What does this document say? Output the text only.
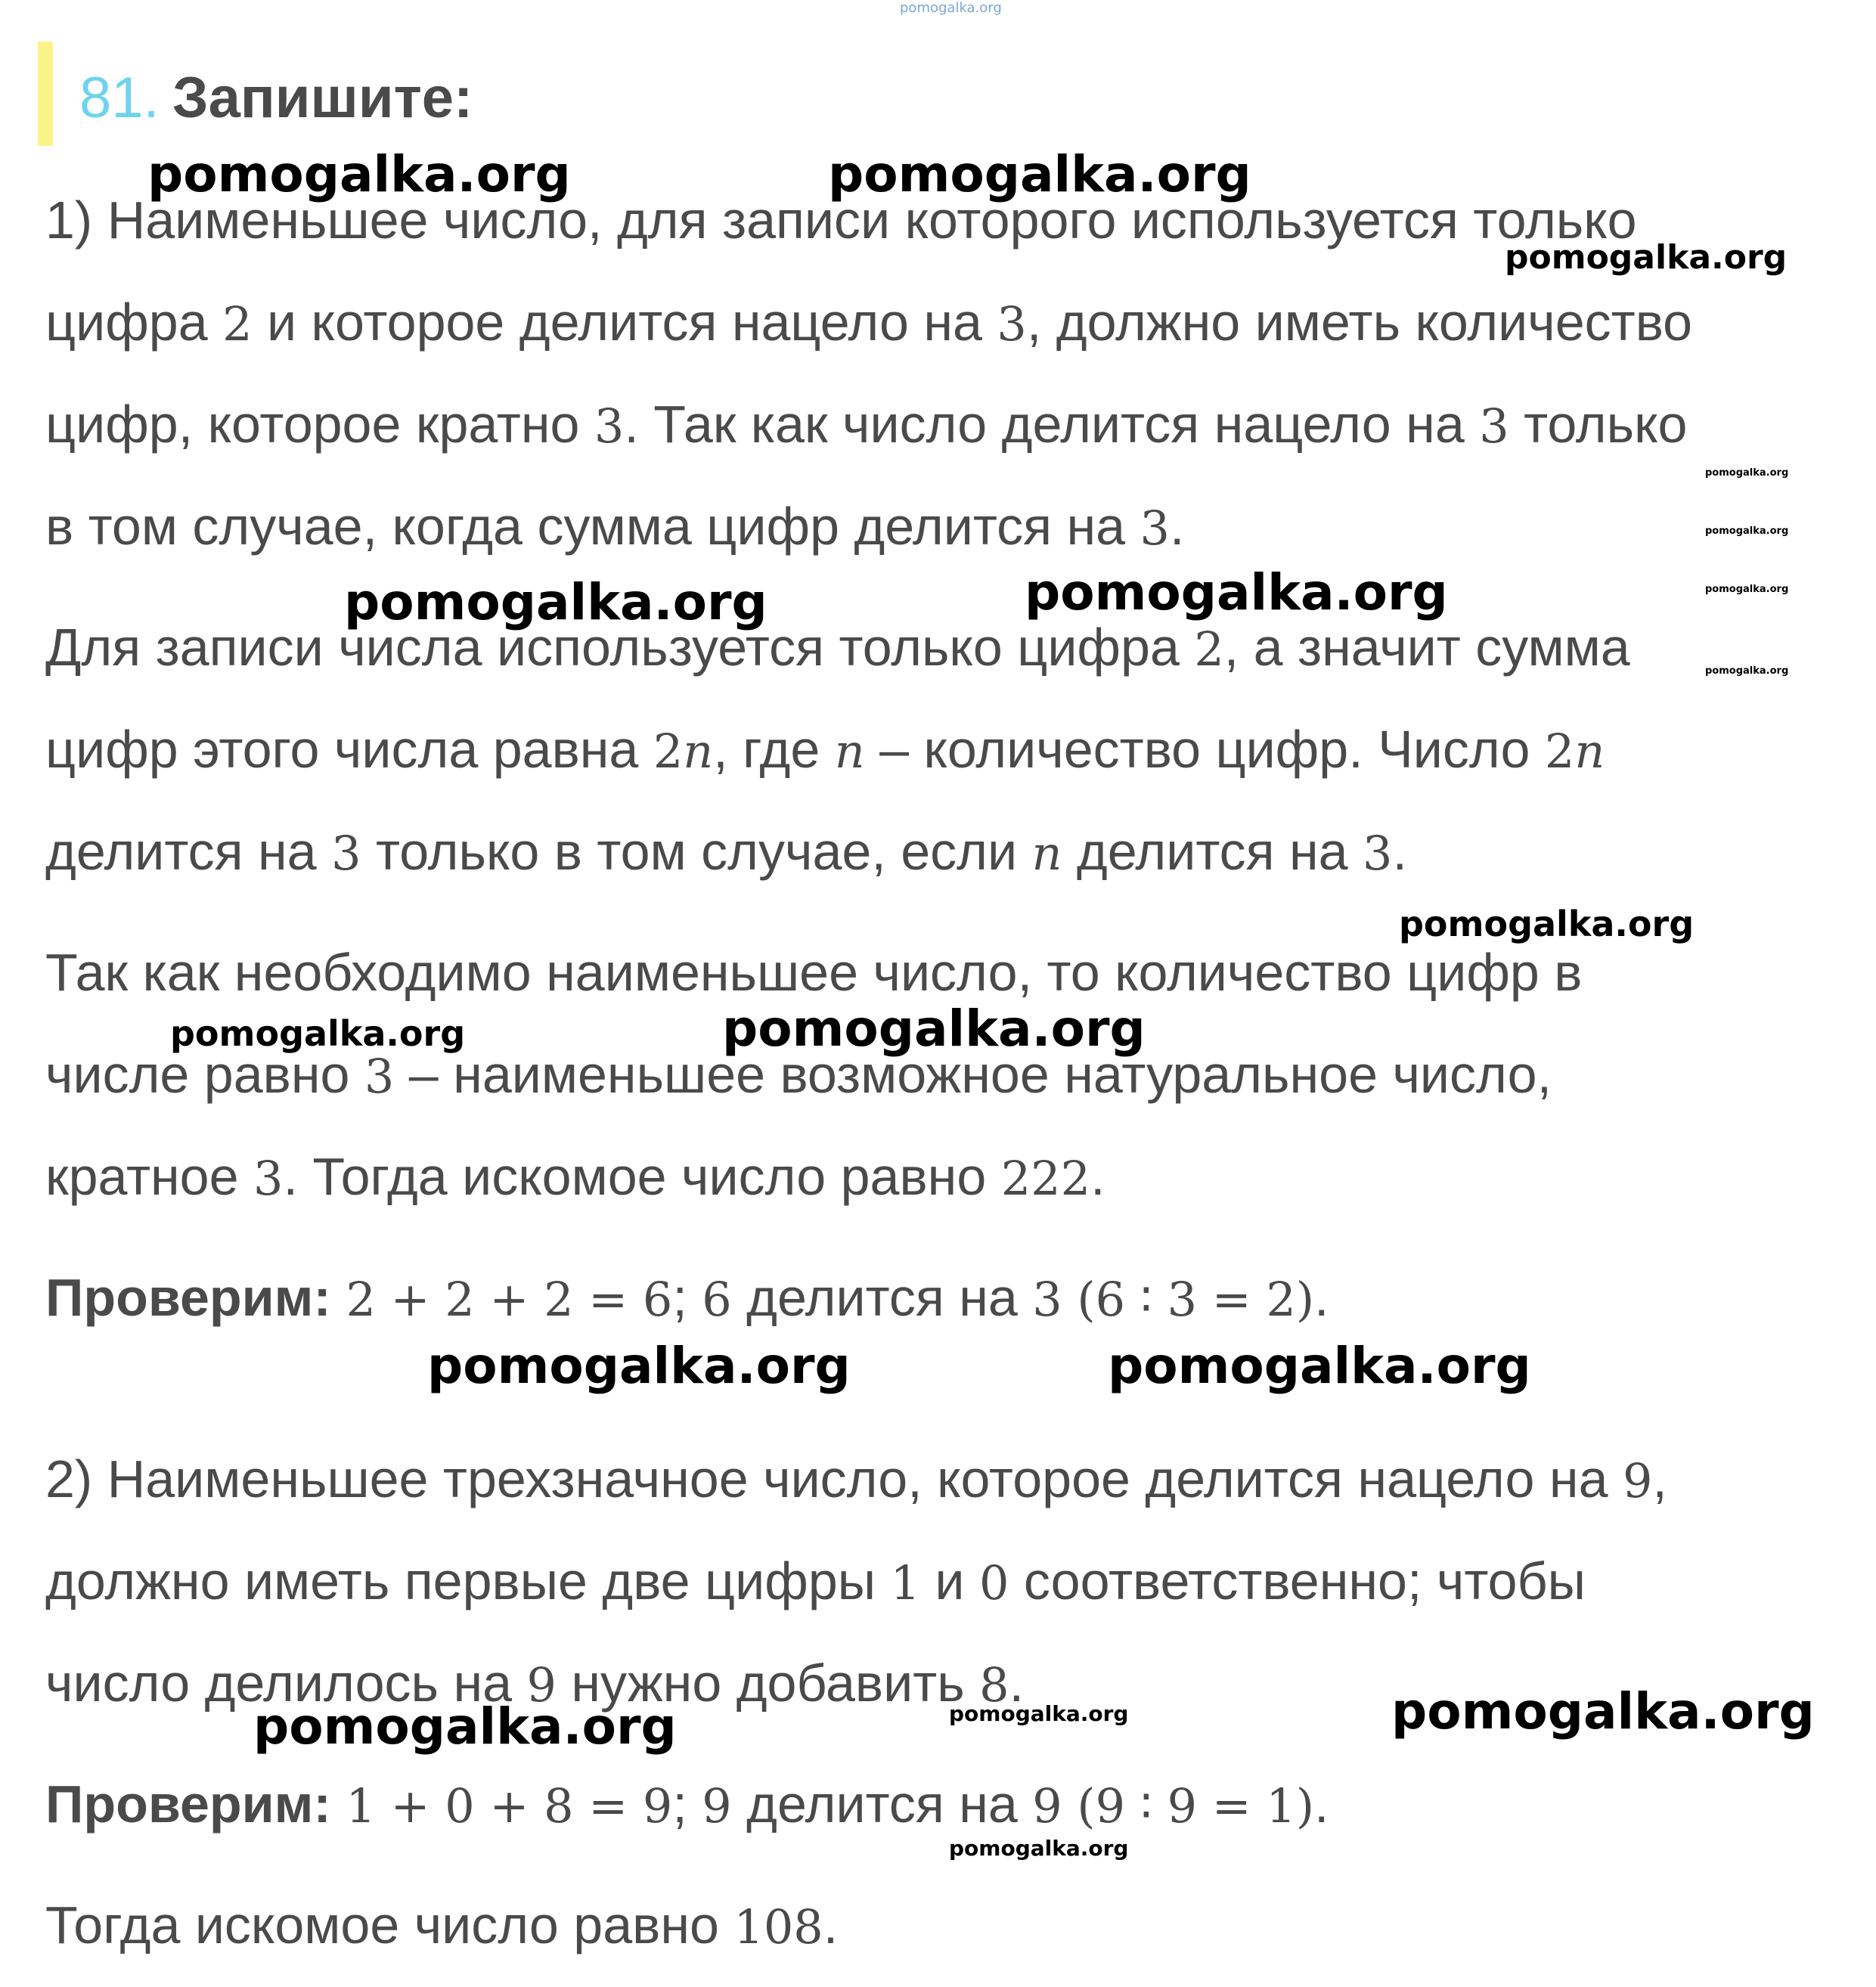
81. Запишите:
1) Наименьшее число, для записи которого используется только
цифра 2 и которое делится нацело на 3, должно иметь количество
цифр, которое кратно 3. Так как число делится нацело на 3 только
в том случае, когда сумма цифр делится на 3.
Для записи числа используется только цифра 2, а значит сумма
цифр этого числа равна 2n, где n – количество цифр. Число 2n
делится на 3 только в том случае, если n делится на 3.
Так как необходимо наименьшее число, то количество цифр в
числе равно 3 – наименьшее возможное натуральное число,
кратное 3. Тогда искомое число равно 222.
Проверим: 2 + 2 + 2 = 6; 6 делится на 3 (6 ∶ 3 = 2).
2) Наименьшее трехзначное число, которое делится нацело на 9,
должно иметь первые две цифры 1 и 0 соответственно; чтобы
число делилось на 9 нужно добавить 8.
Проверим: 1 + 0 + 8 = 9; 9 делится на 9 (9 ∶ 9 = 1).
Тогда искомое число равно 108.
pomogalka.org
pomogalka.org	pomogalka.org
pomogalka.org
pomogalka.org
pomogalka.org
pomogalka.org
pomogalka.org
pomogalka.org	pomogalka.org
pomogalka.org
pomogalka.org	pomogalka.org
pomogalka.org	pomogalka.org
pomogalka.org	pomogalka.org	pomogalka.org
pomogalka.org
